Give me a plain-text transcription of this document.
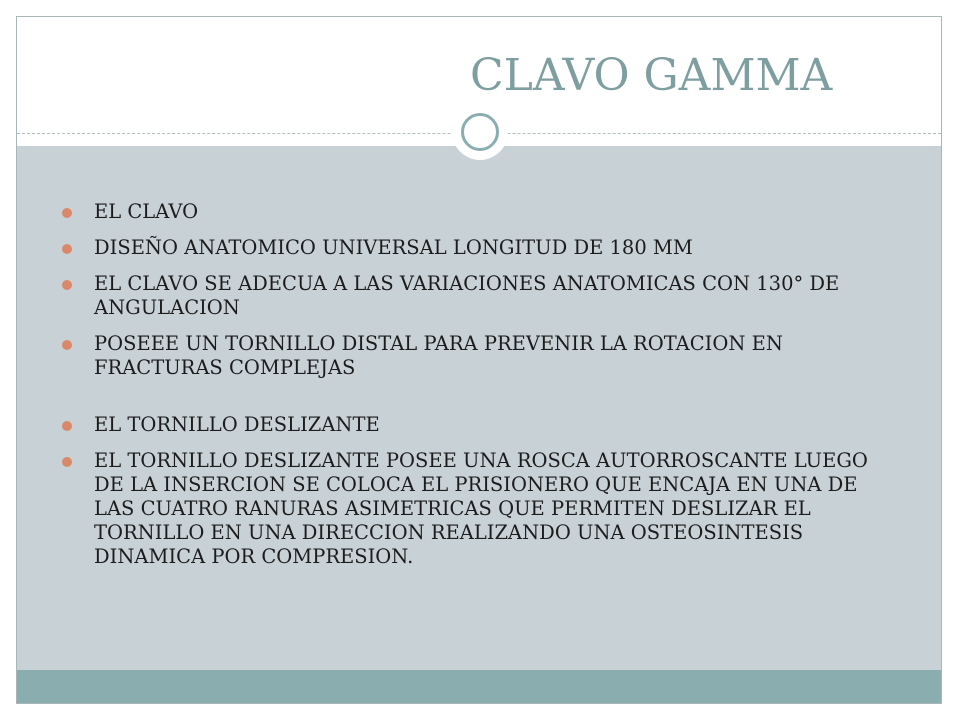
CLAVO GAMMA
EL CLAVO
DISEÑO ANATOMICO UNIVERSAL LONGITUD DE 180 MM
EL CLAVO SE ADECUA A LAS VARIACIONES ANATOMICAS CON 130° DE ANGULACION
POSEEE UN TORNILLO DISTAL PARA PREVENIR LA ROTACION EN FRACTURAS COMPLEJAS
EL TORNILLO DESLIZANTE
EL TORNILLO DESLIZANTE POSEE UNA ROSCA AUTORROSCANTE LUEGO DE LA INSERCION SE COLOCA EL PRISIONERO QUE ENCAJA EN UNA DE LAS CUATRO RANURAS ASIMETRICAS QUE PERMITEN DESLIZAR EL TORNILLO EN UNA DIRECCION REALIZANDO UNA OSTEOSINTESIS DINAMICA POR COMPRESION.
